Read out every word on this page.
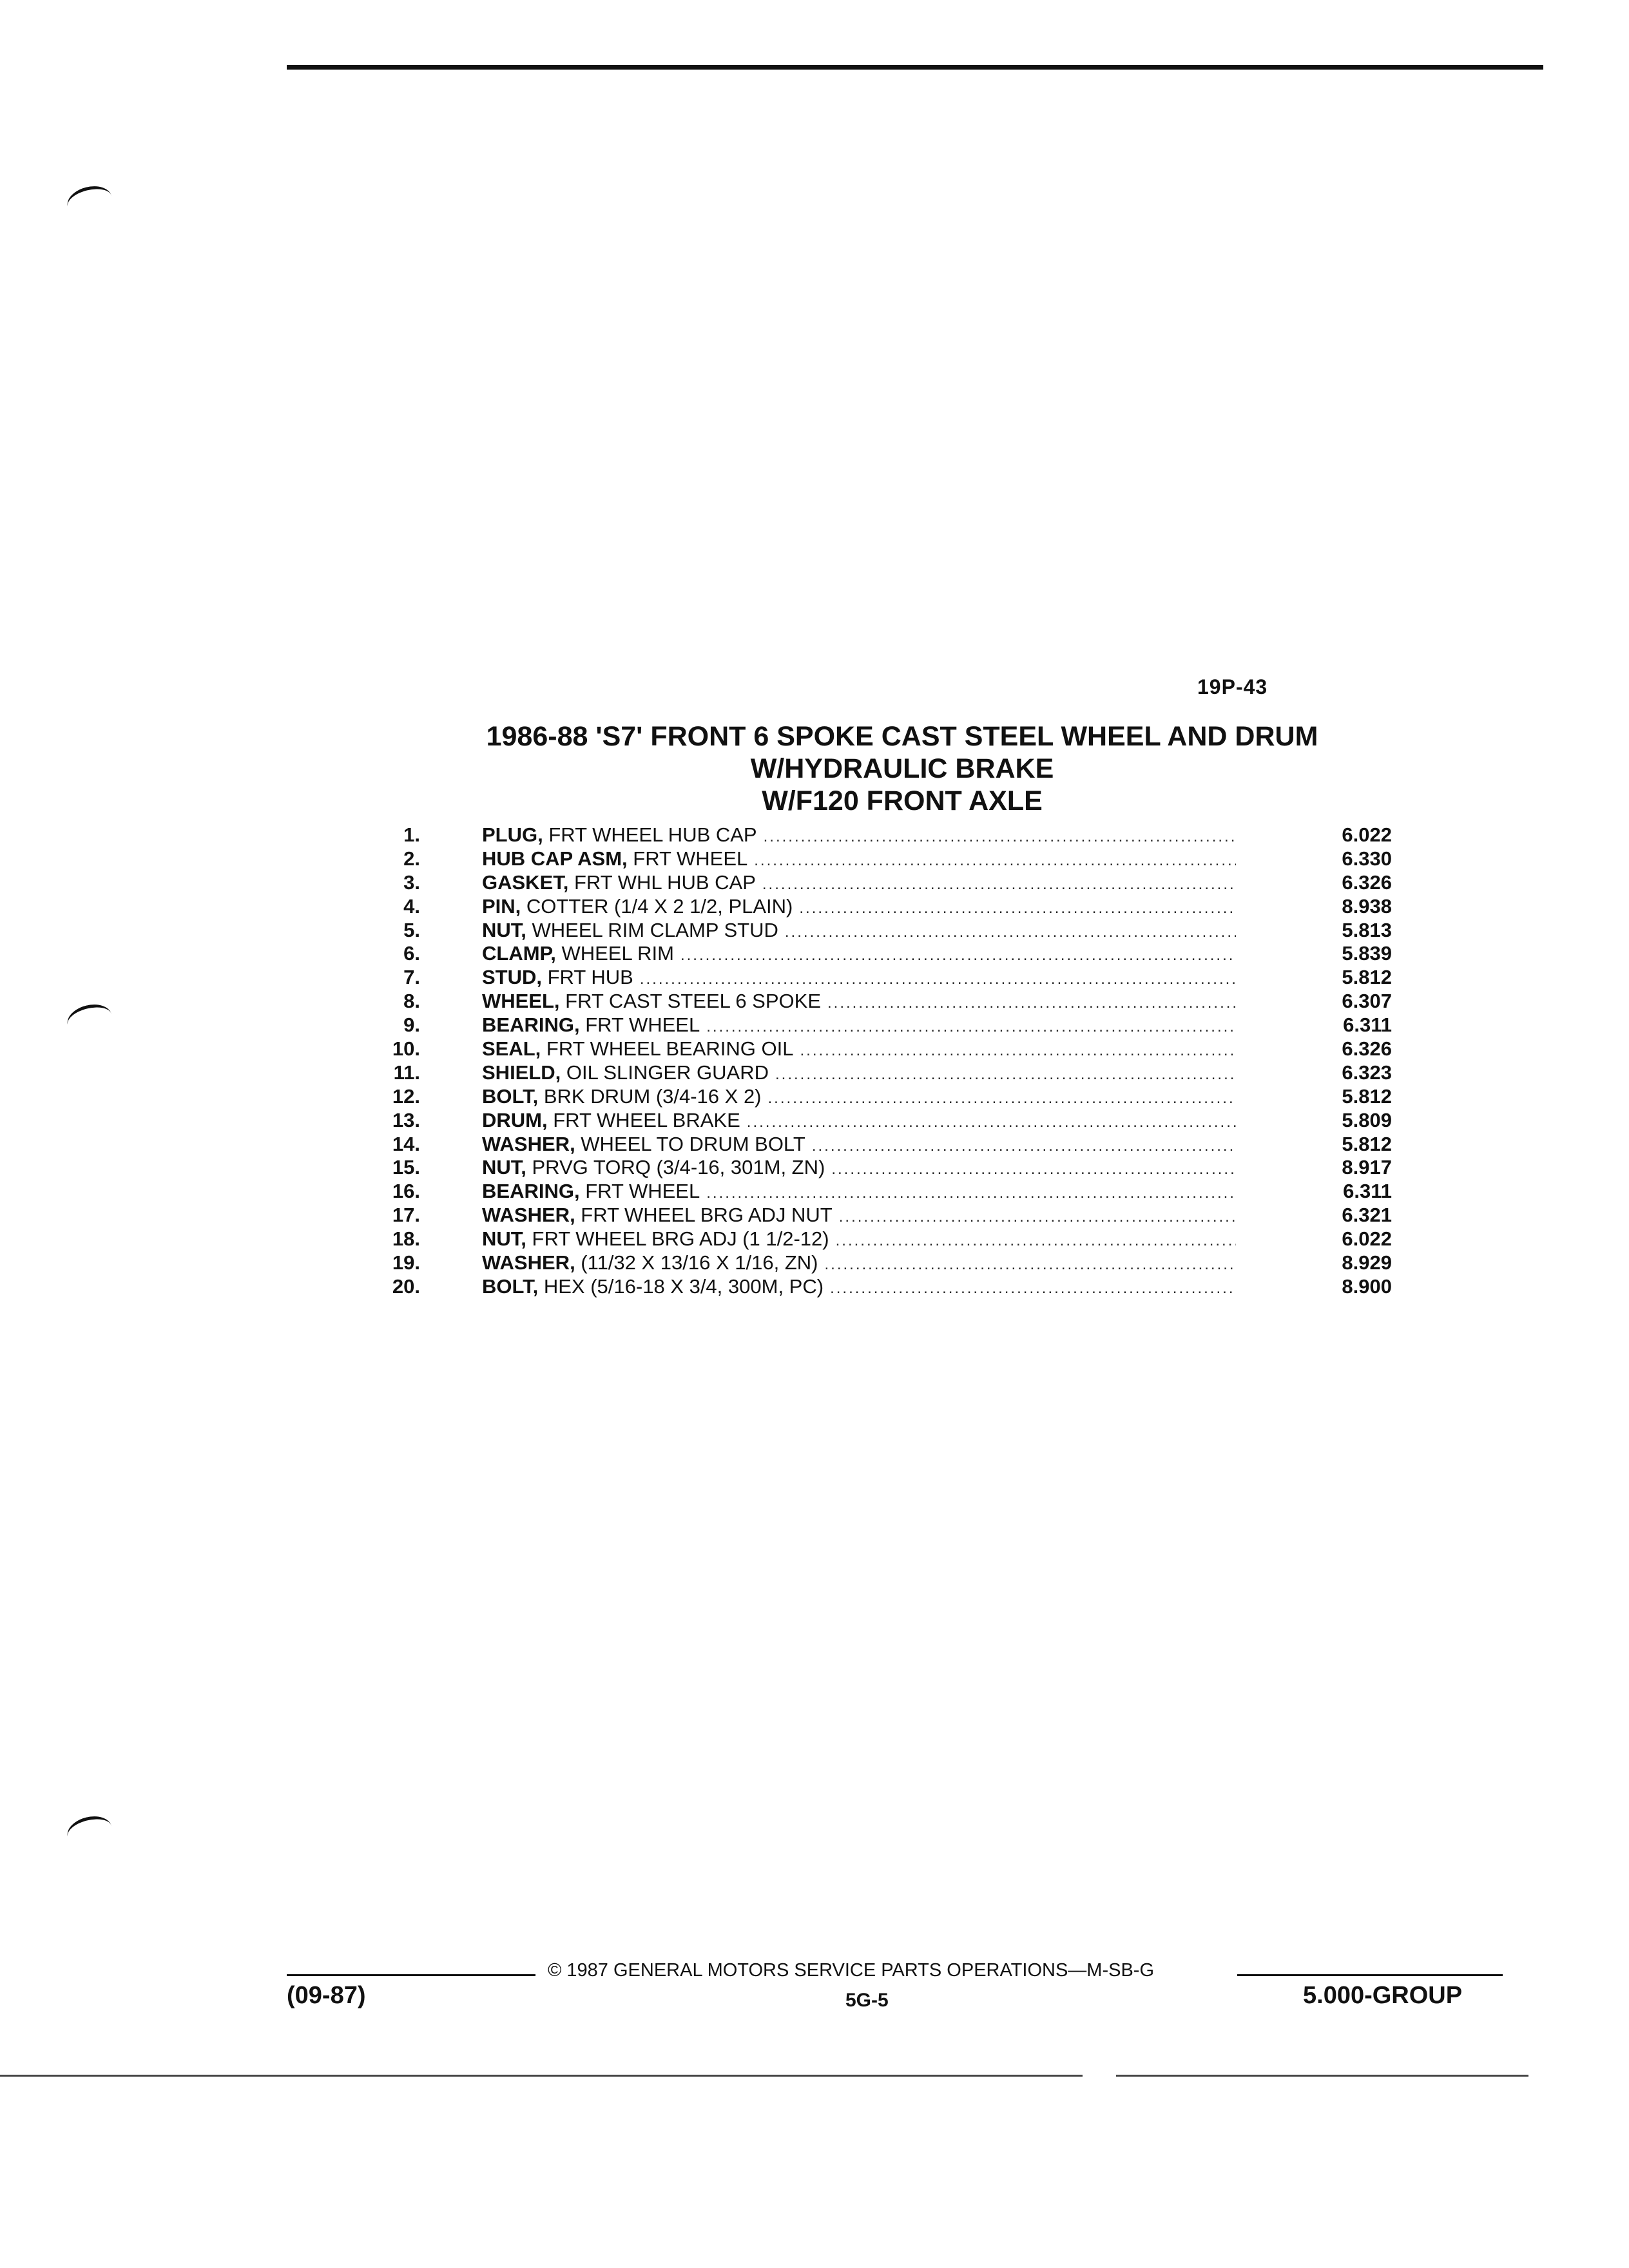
19P-43
1986-88 'S7' FRONT 6 SPOKE CAST STEEL WHEEL AND DRUM
W/HYDRAULIC BRAKE
W/F120 FRONT AXLE
1.	PLUG, FRT WHEEL HUB CAP .....	6.022
2.	HUB CAP ASM, FRT WHEEL .....	6.330
3.	GASKET, FRT WHL HUB CAP .....	6.326
4.	PIN, COTTER (1/4 X 2 1/2, PLAIN) .....	8.938
5.	NUT, WHEEL RIM CLAMP STUD .....	5.813
6.	CLAMP, WHEEL RIM .....	5.839
7.	STUD, FRT HUB .....	5.812
8.	WHEEL, FRT CAST STEEL 6 SPOKE .....	6.307
9.	BEARING, FRT WHEEL .....	6.311
10.	SEAL, FRT WHEEL BEARING OIL .....	6.326
11.	SHIELD, OIL SLINGER GUARD .....	6.323
12.	BOLT, BRK DRUM (3/4-16 X 2) .....	5.812
13.	DRUM, FRT WHEEL BRAKE .....	5.809
14.	WASHER, WHEEL TO DRUM BOLT .....	5.812
15.	NUT, PRVG TORQ (3/4-16, 301M, ZN) .....	8.917
16.	BEARING, FRT WHEEL .....	6.311
17.	WASHER, FRT WHEEL BRG ADJ NUT .....	6.321
18.	NUT, FRT WHEEL BRG ADJ (1 1/2-12) .....	6.022
19.	WASHER, (11/32 X 13/16 X 1/16, ZN) .....	8.929
20.	BOLT, HEX (5/16-18 X 3/4, 300M, PC) .....	8.900
© 1987 GENERAL MOTORS SERVICE PARTS OPERATIONS—M-SB-G
(09-87)	5G-5	5.000-GROUP
